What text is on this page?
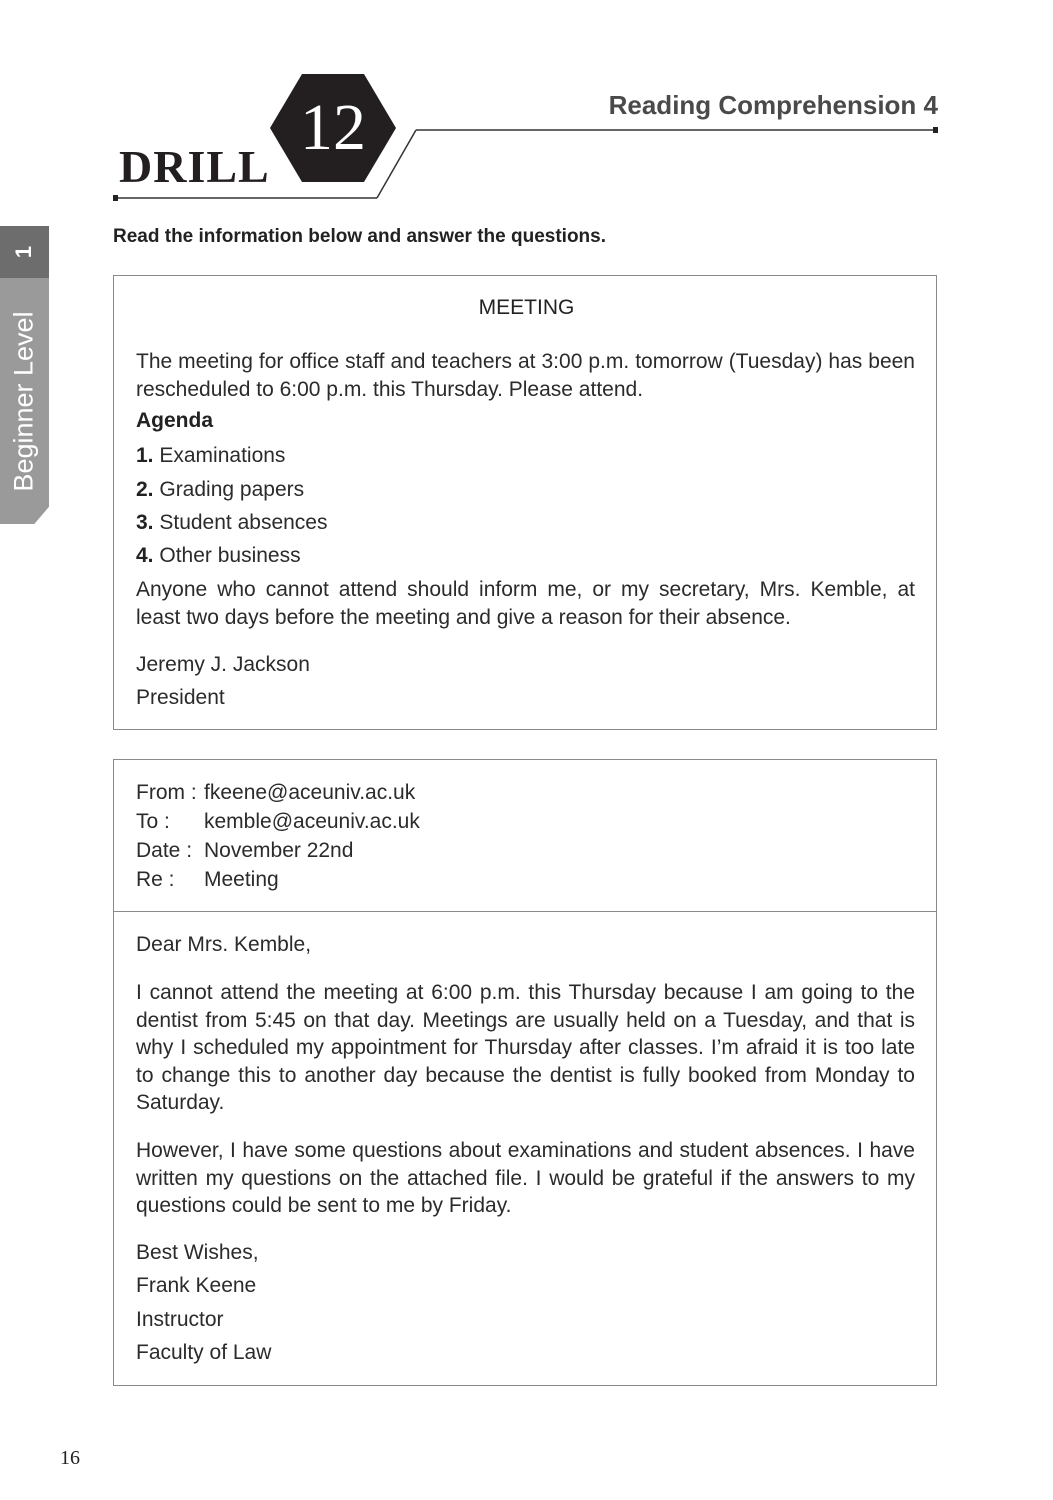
1
Beginner Level
DRILL
12	Reading Comprehension 4
Read the information below and answer the questions.
MEETING
The meeting for office staff and teachers at 3:00 p.m. tomorrow (Tuesday) has been rescheduled to 6:00 p.m. this Thursday. Please attend.
Agenda
1. Examinations
2. Grading papers
3. Student absences
4. Other business
Anyone who cannot attend should inform me, or my secretary, Mrs. Kemble, at least two days before the meeting and give a reason for their absence.
Jeremy J. Jackson
President
From : fkeene@aceuniv.ac.uk
To : kemble@aceuniv.ac.uk
Date : November 22nd
Re : Meeting
Dear Mrs. Kemble,
I cannot attend the meeting at 6:00 p.m. this Thursday because I am going to the dentist from 5:45 on that day. Meetings are usually held on a Tuesday, and that is why I scheduled my appointment for Thursday after classes. I’m afraid it is too late to change this to another day because the dentist is fully booked from Monday to Saturday.
However, I have some questions about examinations and student absences. I have written my questions on the attached file. I would be grateful if the answers to my questions could be sent to me by Friday.
Best Wishes,
Frank Keene
Instructor
Faculty of Law
16
